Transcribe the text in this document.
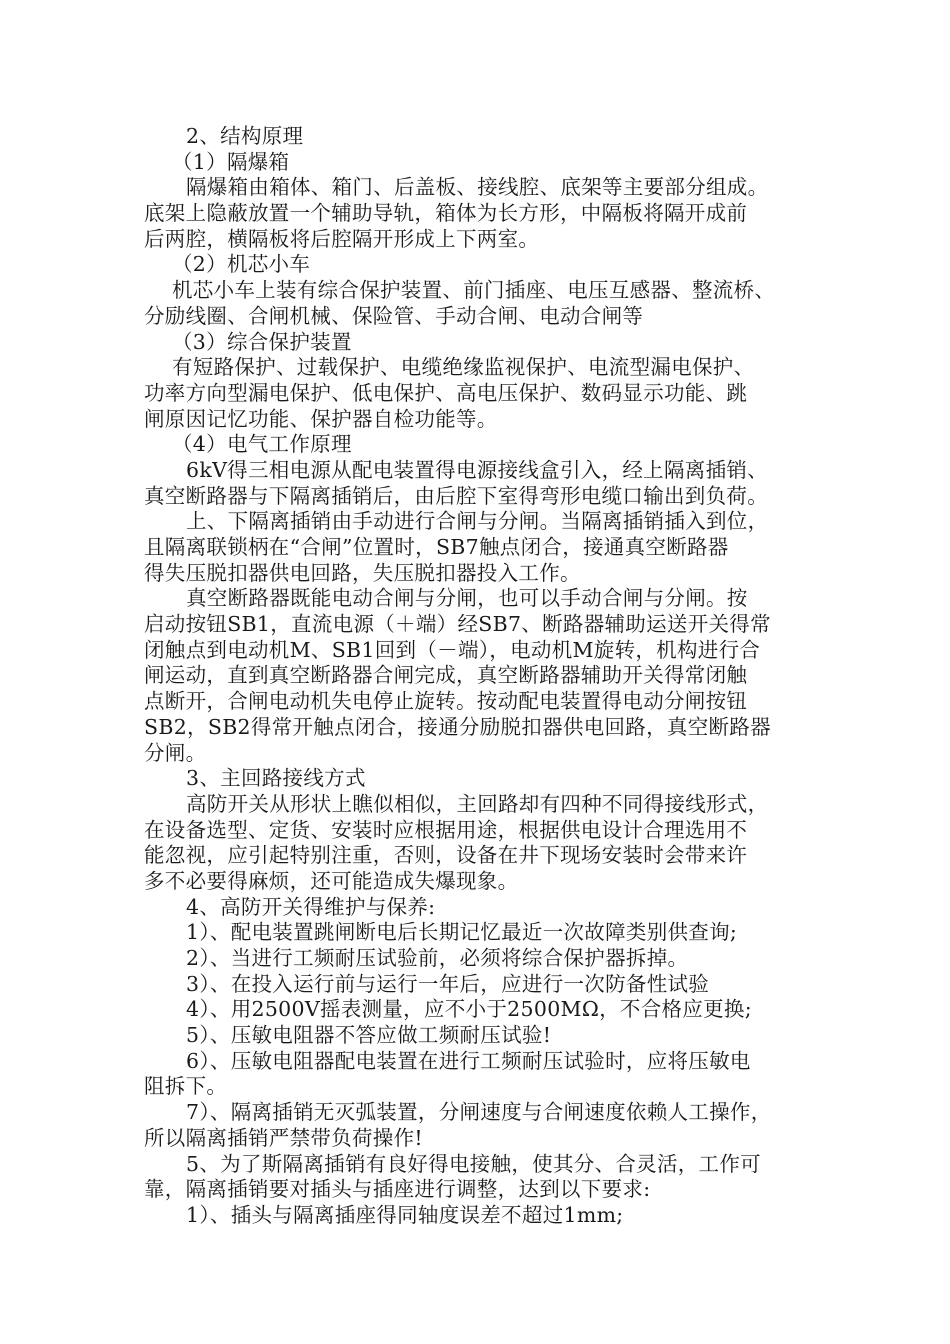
2、结构原理
（1）隔爆箱
隔爆箱由箱体、箱门、后盖板、接线腔、底架等主要部分组成。
底架上隐蔽放置一个辅助导轨，箱体为长方形，中隔板将隔开成前
后两腔，横隔板将后腔隔开形成上下两室。
（2）机芯小车
机芯小车上装有综合保护装置、前门插座、电压互感器、整流桥、
分励线圈、合闸机械、保险管、手动合闸、电动合闸等
（3）综合保护装置
有短路保护、过载保护、电缆绝缘监视保护、电流型漏电保护、
功率方向型漏电保护、低电保护、高电压保护、数码显示功能、跳
闸原因记忆功能、保护器自检功能等。
（4）电气工作原理
6kV得三相电源从配电装置得电源接线盒引入，经上隔离插销、
真空断路器与下隔离插销后，由后腔下室得弯形电缆口输出到负荷。
上、下隔离插销由手动进行合闸与分闸。当隔离插销插入到位，
且隔离联锁柄在“合闸”位置时，SB7触点闭合，接通真空断路器
得失压脱扣器供电回路，失压脱扣器投入工作。
真空断路器既能电动合闸与分闸，也可以手动合闸与分闸。按
启动按钮SB1，直流电源（＋端）经SB7、断路器辅助运送开关得常
闭触点到电动机M、SB1回到（－端），电动机M旋转，机构进行合
闸运动，直到真空断路器合闸完成，真空断路器辅助开关得常闭触
点断开，合闸电动机失电停止旋转。按动配电装置得电动分闸按钮
SB2，SB2得常开触点闭合，接通分励脱扣器供电回路，真空断路器
分闸。
3、主回路接线方式
高防开关从形状上瞧似相似，主回路却有四种不同得接线形式，
在设备选型、定货、安装时应根据用途，根据供电设计合理选用不
能忽视，应引起特别注重，否则，设备在井下现场安装时会带来许
多不必要得麻烦，还可能造成失爆现象。
4、高防开关得维护与保养:
1）、配电装置跳闸断电后长期记忆最近一次故障类别供查询;
2）、当进行工频耐压试验前，必须将综合保护器拆掉。
3）、在投入运行前与运行一年后，应进行一次防备性试验
4）、用2500V摇表测量，应不小于2500MΩ，不合格应更换;
5）、压敏电阻器不答应做工频耐压试验!
6）、压敏电阻器配电装置在进行工频耐压试验时，应将压敏电
阻拆下。
7）、隔离插销无灭弧装置，分闸速度与合闸速度依赖人工操作，
所以隔离插销严禁带负荷操作!
5、为了斯隔离插销有良好得电接触，使其分、合灵活，工作可
靠，隔离插销要对插头与插座进行调整，达到以下要求:
1）、插头与隔离插座得同轴度误差不超过1mm;
